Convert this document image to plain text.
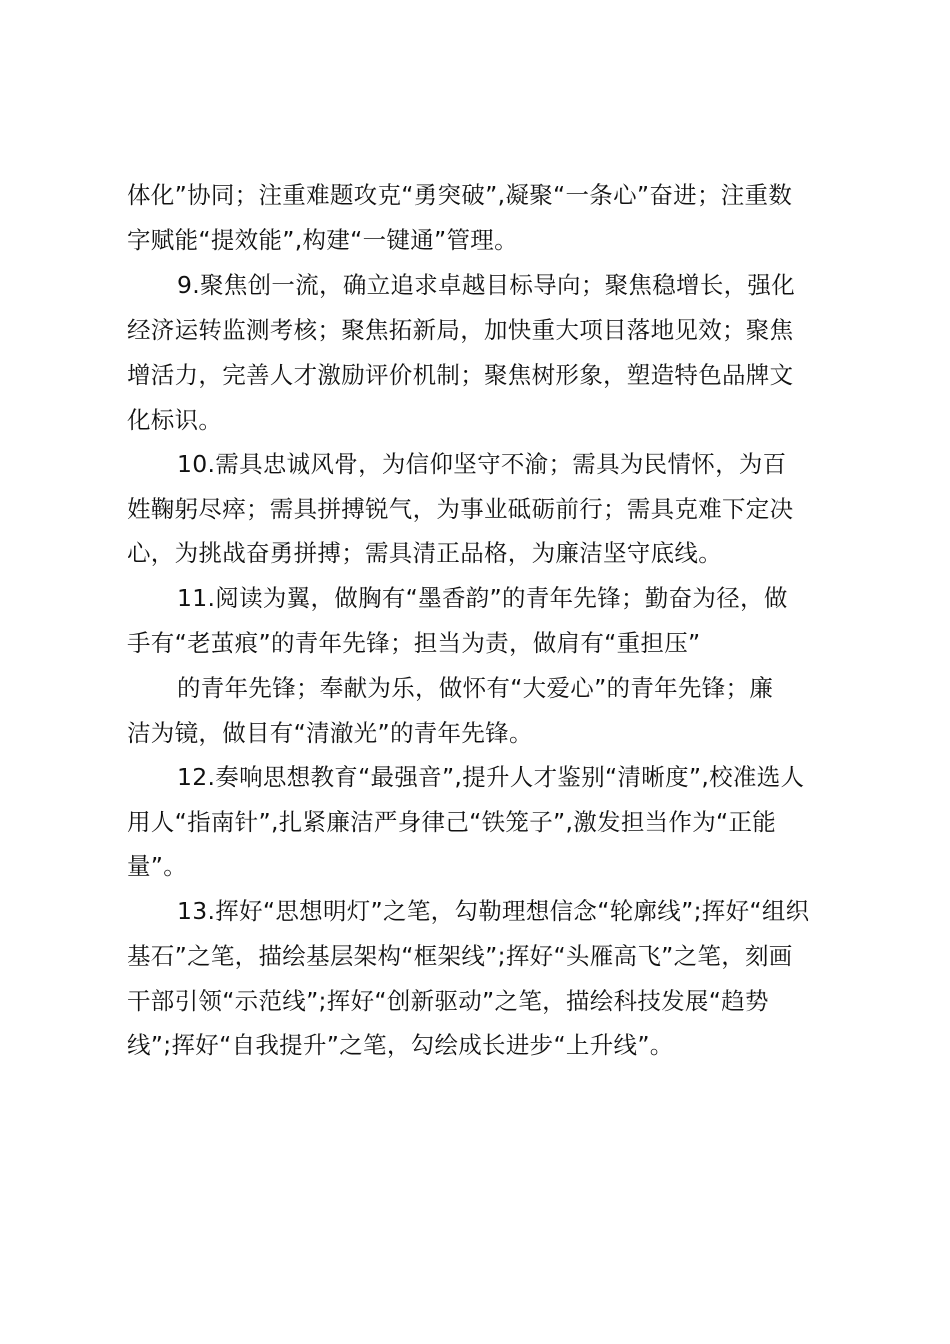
体化”协同；注重难题攻克“勇突破”,凝聚“一条心”奋进；注重数
字赋能“提效能”,构建“一键通”管理。
9.聚焦创一流，确立追求卓越目标导向；聚焦稳增长，强化
经济运转监测考核；聚焦拓新局，加快重大项目落地见效；聚焦
增活力，完善人才激励评价机制；聚焦树形象，塑造特色品牌文
化标识。
10.需具忠诚风骨，为信仰坚守不渝；需具为民情怀，为百
姓鞠躬尽瘁；需具拼搏锐气，为事业砥砺前行；需具克难下定决
心，为挑战奋勇拼搏；需具清正品格，为廉洁坚守底线。
11.阅读为翼，做胸有“墨香韵”的青年先锋；勤奋为径，做
手有“老茧痕”的青年先锋；担当为责，做肩有“重担压”
的青年先锋；奉献为乐，做怀有“大爱心”的青年先锋；廉
洁为镜，做目有“清澈光”的青年先锋。
12.奏响思想教育“最强音”,提升人才鉴别“清晰度”,校准选人
用人“指南针”,扎紧廉洁严身律己“铁笼子”,激发担当作为“正能
量”。
13.挥好“思想明灯”之笔，勾勒理想信念“轮廓线”;挥好“组织
基石”之笔，描绘基层架构“框架线”;挥好“头雁高飞”之笔，刻画
干部引领“示范线”;挥好“创新驱动”之笔，描绘科技发展“趋势
线”;挥好“自我提升”之笔，勾绘成长进步“上升线”。
